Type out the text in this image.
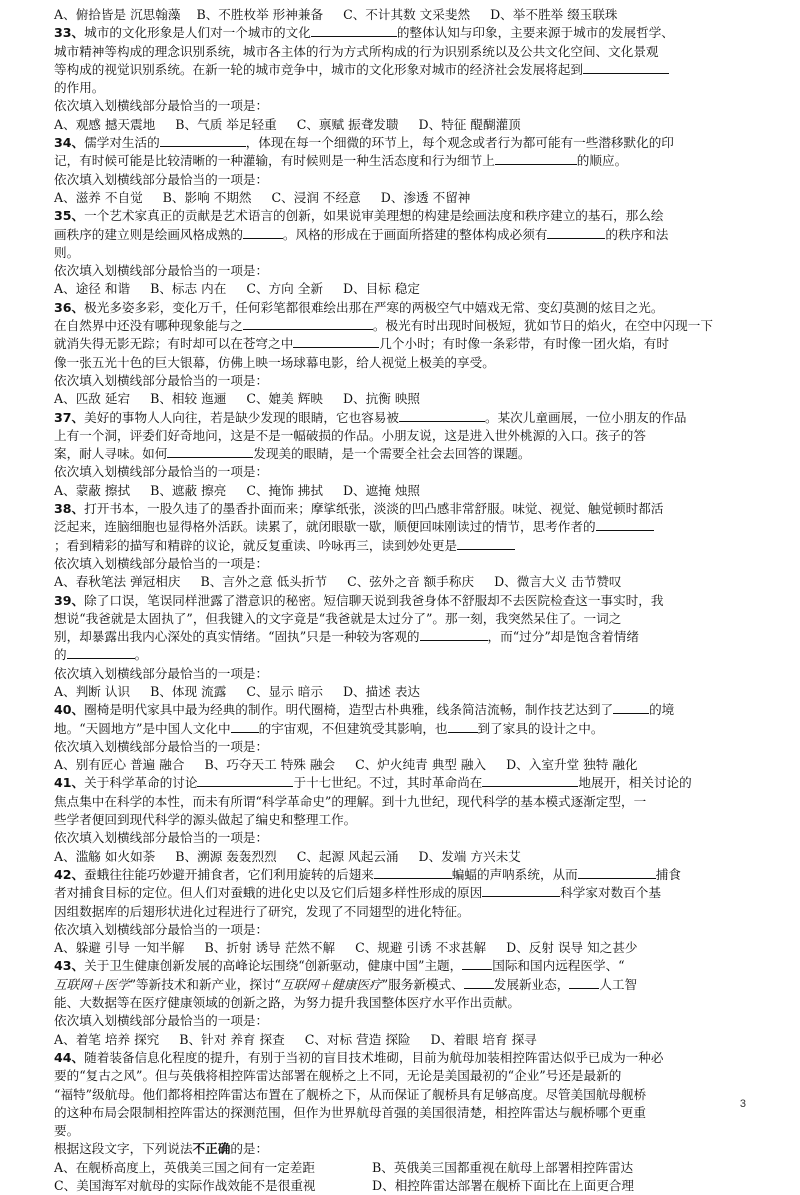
A、俯拾皆是 沉思翰藻    B、不胜枚举 形神兼备     C、不计其数 文采斐然     D、举不胜举 缀玉联珠
33、城市的文化形象是人们对一个城市的文化	的整体认知与印象，主要来源于城市的发展哲学、
城市精神等构成的理念识别系统，城市各主体的行为方式所构成的行为识别系统以及公共文化空间、文化景观
等构成的视觉识别系统。在新一轮的城市竞争中，城市的文化形象对城市的经济社会发展将起到
的作用。
依次填入划横线部分最恰当的一项是：
A、观感 撼天震地     B、气质 举足轻重     C、禀赋 振聋发聩     D、特征 醍醐灌顶
34、儒学对生活的	，体现在每一个细微的环节上，每个观念或者行为都可能有一些潜移默化的印
记，有时候可能是比较清晰的一种灌输，有时候则是一种生活态度和行为细节上	的顺应。
依次填入划横线部分最恰当的一项是：
A、滋养 不自觉     B、影响 不期然     C、浸润 不经意     D、渗透 不留神
35、一个艺术家真正的贡献是艺术语言的创新，如果说审美理想的构建是绘画法度和秩序建立的基石，那么绘
画秩序的建立则是绘画风格成熟的	。风格的形成在于画面所搭建的整体构成必须有	的秩序和法
则。
依次填入划横线部分最恰当的一项是：
A、途径 和谐     B、标志 内在     C、方向 全新     D、目标 稳定
36、极光多姿多彩，变化万千，任何彩笔都很难绘出那在严寒的两极空气中嬉戏无常、变幻莫测的炫目之光。
在自然界中还没有哪种现象能与之	。极光有时出现时间极短，犹如节日的焰火，在空中闪现一下
就消失得无影无踪；有时却可以在苍穹之中	几个小时；有时像一条彩带，有时像一团火焰，有时
像一张五光十色的巨大银幕，仿佛上映一场球幕电影，给人视觉上极美的享受。
依次填入划横线部分最恰当的一项是：
A、匹敌 延宕     B、相较 迤逦     C、媲美 辉映     D、抗衡 映照
37、美好的事物人人向往，若是缺少发现的眼睛，它也容易被	。某次儿童画展，一位小朋友的作品
上有一个洞，评委们好奇地问，这是不是一幅破损的作品。小朋友说，这是进入世外桃源的入口。孩子的答
案，耐人寻味。如何	发现美的眼睛，是一个需要全社会去回答的课题。
依次填入划横线部分最恰当的一项是：
A、蒙蔽 擦拭     B、遮蔽 擦亮     C、掩饰 拂拭     D、遮掩 烛照
38、打开书本，一股久违了的墨香扑面而来；摩挲纸张，淡淡的凹凸感非常舒服。味觉、视觉、触觉顿时都活
泛起来，连脑细胞也显得格外活跃。读累了，就闭眼歇一歇，顺便回味刚读过的情节，思考作者的
；看到精彩的描写和精辟的议论，就反复重读、吟咏再三，读到妙处更是
依次填入划横线部分最恰当的一项是：
A、春秋笔法 弹冠相庆     B、言外之意 低头折节     C、弦外之音 额手称庆     D、微言大义 击节赞叹
39、除了口误，笔误同样泄露了潜意识的秘密。短信聊天说到我爸身体不舒服却不去医院检查这一事实时，我
想说“我爸就是太固执了”，但我键入的文字竟是“我爸就是太过分了”。那一刻，我突然呆住了。一词之
别，却暴露出我内心深处的真实情绪。“固执”只是一种较为客观的	，而“过分”却是饱含着情绪
的	。
依次填入划横线部分最恰当的一项是：
A、判断 认识     B、体现 流露     C、显示 暗示     D、描述 表达
40、圈椅是明代家具中最为经典的制作。明代圈椅，造型古朴典雅，线条简洁流畅，制作技艺达到了	的境
地。“天圆地方”是中国人文化中 的宇宙观，不但建筑受其影响，也 到了家具的设计之中。
依次填入划横线部分最恰当的一项是：
A、别有匠心 普遍 融合     B、巧夺天工 特殊 融会     C、炉火纯青 典型 融入     D、入室升堂 独特 融化
41、关于科学革命的讨论	于十七世纪。不过，其时革命尚在	地展开，相关讨论的
焦点集中在科学的本性，而未有所谓“科学革命史”的理解。到十九世纪，现代科学的基本模式逐渐定型，一
些学者便回到现代科学的源头做起了编史和整理工作。
依次填入划横线部分最恰当的一项是：
A、滥觞 如火如荼     B、溯源 轰轰烈烈     C、起源 风起云涌     D、发端 方兴未艾
42、蚕蛾往往能巧妙避开捕食者，它们利用旋转的后翅来	蝙蝠的声呐系统，从而	捕食
者对捕食目标的定位。但人们对蚕蛾的进化史以及它们后翅多样性形成的原因	科学家对数百个基
因组数据库的后翅形状进化过程进行了研究，发现了不同翅型的进化特征。
依次填入划横线部分最恰当的一项是：
A、躲避 引导 一知半解     B、折射 诱导 茫然不解     C、规避 引诱 不求甚解     D、反射 误导 知之甚少
43、关于卫生健康创新发展的高峰论坛围绕“创新驱动，健康中国”主题， 国际和国内远程医学、“
互联网＋医学”等新技术和新产业，探讨“互联网＋健康医疗”服务新模式、 发展新业态， 人工智
能、大数据等在医疗健康领域的创新之路，为努力提升我国整体医疗水平作出贡献。
依次填入划横线部分最恰当的一项是：
A、着笔 培养 探究     B、针对 养育 探查     C、对标 营造 探险     D、着眼 培育 探寻
44、随着装备信息化程度的提升，有别于当初的盲目技术堆砌，目前为航母加装相控阵雷达似乎已成为一种必
要的“复古之风”。但与英俄将相控阵雷达部署在舰桥之上不同，无论是美国最初的“企业”号还是最新的
“福特”级航母。他们都将相控阵雷达布置在了舰桥之下，从而保证了舰桥具有足够高度。尽管美国航母舰桥
的这种布局会限制相控阵雷达的探测范围，但作为世界航母首强的美国很清楚，相控阵雷达与舰桥哪个更重
要。
根据这段文字，下列说法不正确的是：
A、在舰桥高度上，英俄美三国之间有一定差距	B、英俄美三国都重视在航母上部署相控阵雷达
C、美国海军对航母的实际作战效能不是很重视	D、相控阵雷达部署在舰桥下面比在上面更合理
3
